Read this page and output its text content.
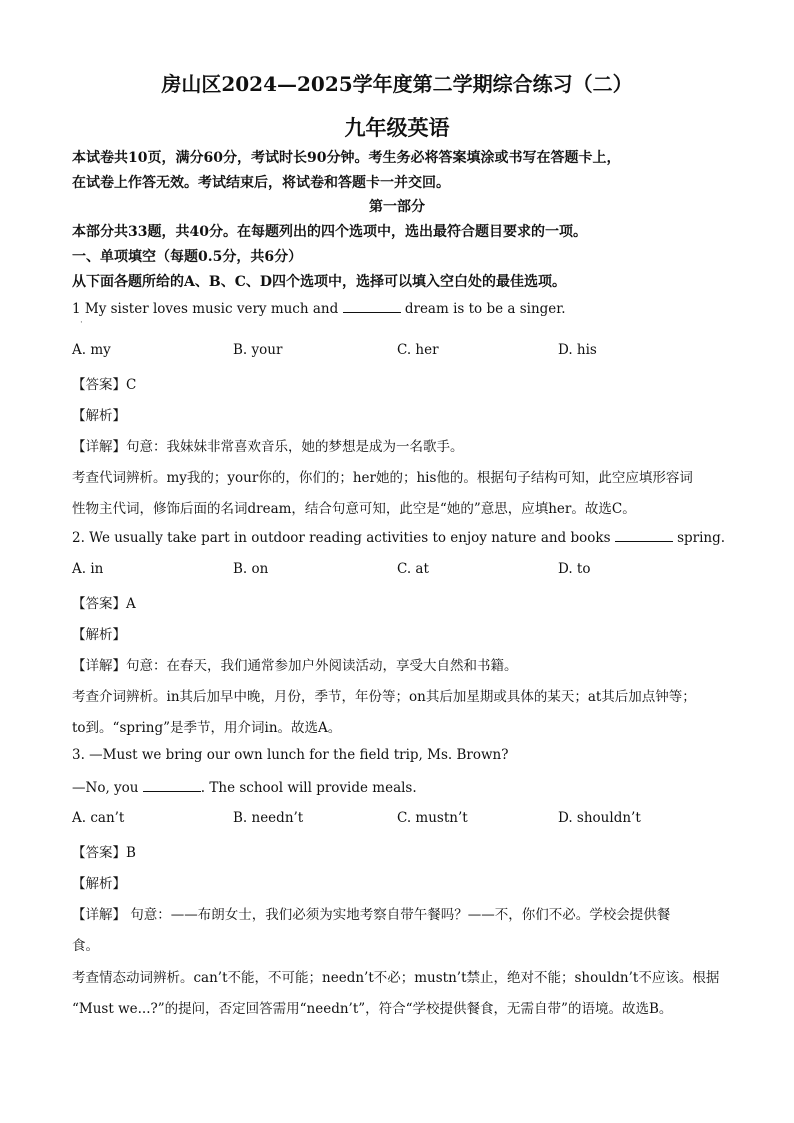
房山区2024—2025学年度第二学期综合练习（二）
九年级英语
本试卷共10页，满分60分，考试时长90分钟。考生务必将答案填涂或书写在答题卡上，
在试卷上作答无效。考试结束后，将试卷和答题卡一并交回。
第一部分
本部分共33题，共40分。在每题列出的四个选项中，选出最符合题目要求的一项。
一、单项填空（每题0.5分，共6分）
从下面各题所给的A、B、C、D四个选项中，选择可以填入空白处的最佳选项。
1 My sister loves music very much and	dream is to be a singer.
·
A. my	B. your	C. her	D. his
【答案】C
【解析】
【详解】句意：我妹妹非常喜欢音乐，她的梦想是成为一名歌手。
考查代词辨析。my我的；your你的，你们的；her她的；his他的。根据句子结构可知，此空应填形容词
性物主代词，修饰后面的名词dream，结合句意可知，此空是“她的”意思，应填her。故选C。
2. We usually take part in outdoor reading activities to enjoy nature and books	spring.
A. in	B. on	C. at	D. to
【答案】A
【解析】
【详解】句意：在春天，我们通常参加户外阅读活动，享受大自然和书籍。
考查介词辨析。in其后加早中晚，月份，季节，年份等；on其后加星期或具体的某天；at其后加点钟等；
to到。“spring”是季节，用介词in。故选A。
3. —Must we bring our own lunch for the field trip, Ms. Brown?
—No, you	. The school will provide meals.
A. can’t	B. needn’t	C. mustn’t	D. shouldn’t
【答案】B
【解析】
【详解】 句意：——布朗女士，我们必须为实地考察自带午餐吗？——不，你们不必。学校会提供餐
食。
考查情态动词辨析。can’t不能，不可能；needn’t不必；mustn’t禁止，绝对不能；shouldn’t不应该。根据
“Must we...?”的提问，否定回答需用“needn’t”，符合“学校提供餐食，无需自带”的语境。故选B。
